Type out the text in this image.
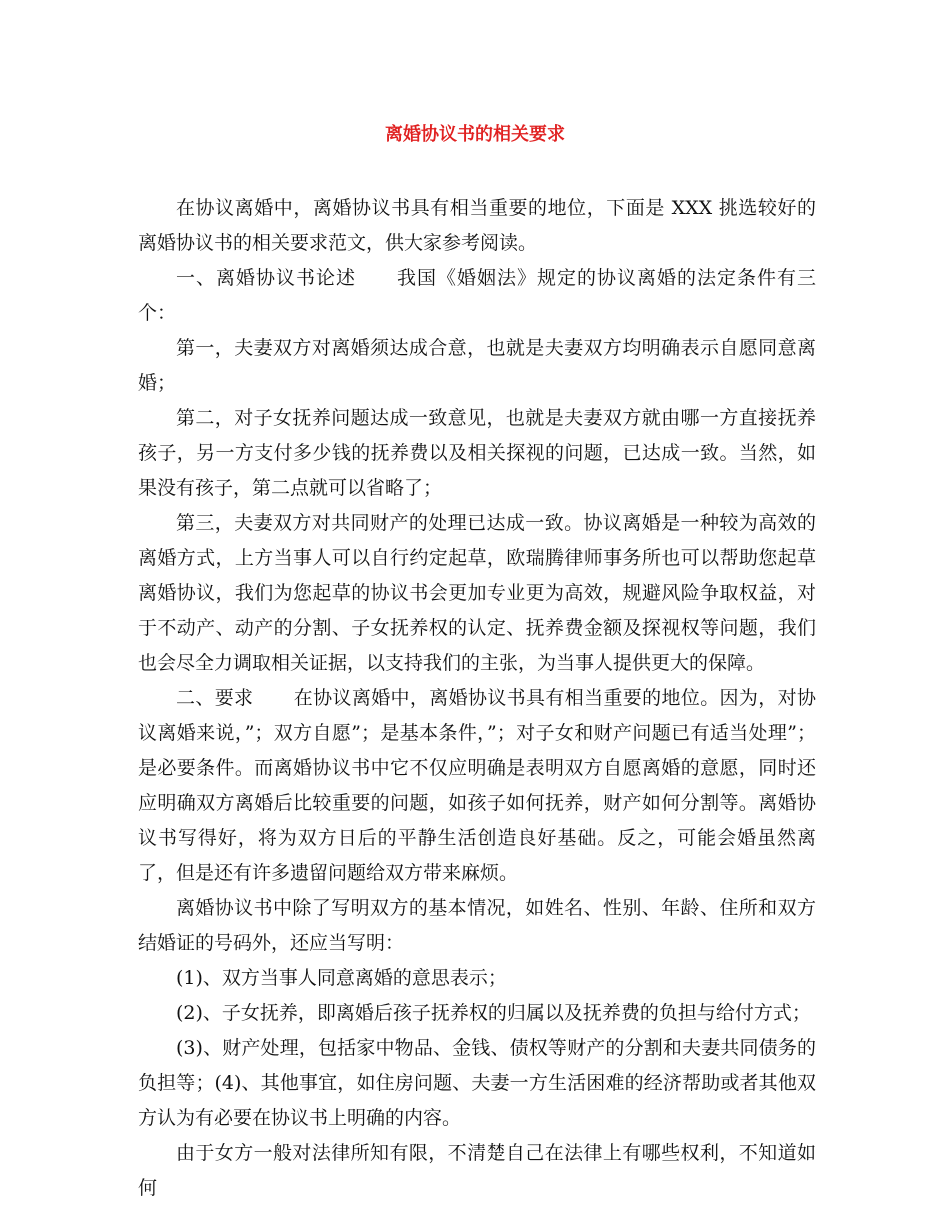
离婚协议书的相关要求

在协议离婚中，离婚协议书具有相当重要的地位，下面是 XXX 挑选较好的离婚协议书的相关要求范文，供大家参考阅读。

一、离婚协议书论述 我国《婚姻法》规定的协议离婚的法定条件有三个：

第一，夫妻双方对离婚须达成合意，也就是夫妻双方均明确表示自愿同意离婚；

第二，对子女抚养问题达成一致意见，也就是夫妻双方就由哪一方直接抚养孩子，另一方支付多少钱的抚养费以及相关探视的问题，已达成一致。当然，如果没有孩子，第二点就可以省略了；

第三，夫妻双方对共同财产的处理已达成一致。协议离婚是一种较为高效的离婚方式，上方当事人可以自行约定起草，欧瑞腾律师事务所也可以帮助您起草离婚协议，我们为您起草的协议书会更加专业更为高效，规避风险争取权益，对于不动产、动产的分割、子女抚养权的认定、抚养费金额及探视权等问题，我们也会尽全力调取相关证据，以支持我们的主张，为当事人提供更大的保障。

二、要求 在协议离婚中，离婚协议书具有相当重要的地位。因为，对协议离婚来说，”；双方自愿”；是基本条件，”；对子女和财产问题已有适当处理”；是必要条件。而离婚协议书中它不仅应明确是表明双方自愿离婚的意愿，同时还应明确双方离婚后比较重要的问题，如孩子如何抚养，财产如何分割等。离婚协议书写得好，将为双方日后的平静生活创造良好基础。反之，可能会婚虽然离了，但是还有许多遗留问题给双方带来麻烦。

离婚协议书中除了写明双方的基本情况，如姓名、性别、年龄、住所和双方结婚证的号码外，还应当写明：

(1)、双方当事人同意离婚的意思表示；

(2)、子女抚养，即离婚后孩子抚养权的归属以及抚养费的负担与给付方式；

(3)、财产处理，包括家中物品、金钱、债权等财产的分割和夫妻共同债务的负担等；(4)、其他事宜，如住房问题、夫妻一方生活困难的经济帮助或者其他双方认为有必要在协议书上明确的内容。

由于女方一般对法律所知有限，不清楚自己在法律上有哪些权利，不知道如何
